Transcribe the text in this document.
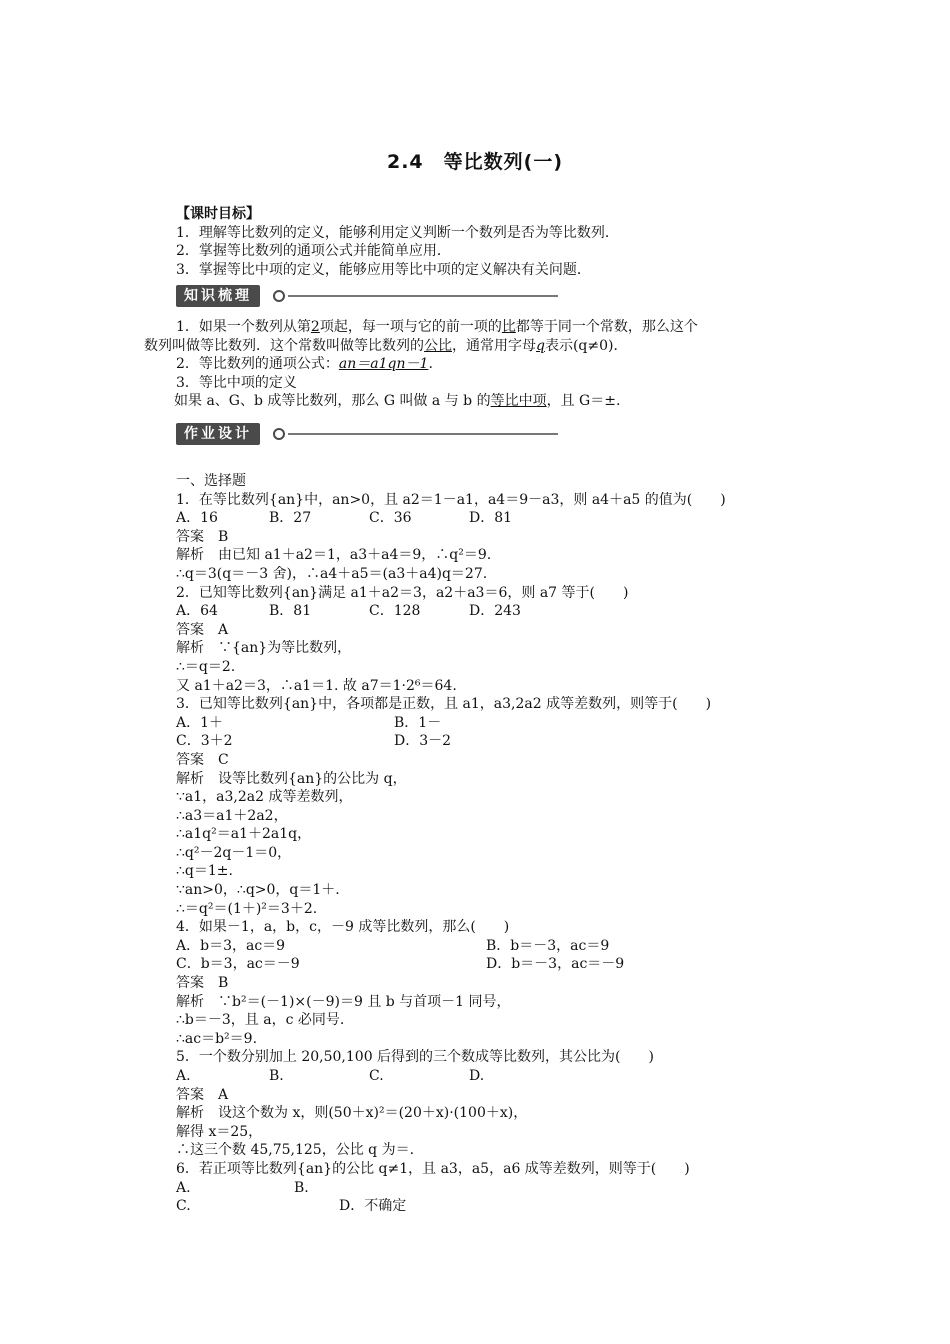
2.4　等比数列(一)
【课时目标】
1．理解等比数列的定义，能够利用定义判断一个数列是否为等比数列．
2．掌握等比数列的通项公式并能简单应用．
3．掌握等比中项的定义，能够应用等比中项的定义解决有关问题．
知识梳理
1．如果一个数列从第2项起，每一项与它的前一项的比都等于同一个常数，那么这个
数列叫做等比数列．这个常数叫做等比数列的公比，通常用字母q表示(q≠0)．
2．等比数列的通项公式：an＝a1qn－1.
3．等比中项的定义
如果 a、G、b 成等比数列，那么 G 叫做 a 与 b 的等比中项，且 G＝±.
作业设计
一、选择题
1．在等比数列{an}中，an>0，且 a2＝1－a1，a4＝9－a3，则 a4＋a5 的值为(　　)
A．16	B．27	C．36	D．81
答案　B
解析　由已知 a1＋a2＝1，a3＋a4＝9，∴q²＝9.
∴q＝3(q＝－3 舍)，∴a4＋a5＝(a3＋a4)q＝27.
2．已知等比数列{an}满足 a1＋a2＝3，a2＋a3＝6，则 a7 等于(　　)
A．64	B．81	C．128	D．243
答案　A
解析　∵{an}为等比数列，
∴＝q＝2.
又 a1＋a2＝3，∴a1＝1. 故 a7＝1·2⁶＝64.
3．已知等比数列{an}中，各项都是正数，且 a1，a3,2a2 成等差数列，则等于(　　)
A．1＋	B．1－
C．3＋2	D．3－2
答案　C
解析　设等比数列{an}的公比为 q，
∵a1，a3,2a2 成等差数列，
∴a3＝a1＋2a2，
∴a1q²＝a1＋2a1q，
∴q²－2q－1＝0，
∴q＝1±.
∵an>0，∴q>0，q＝1＋.
∴＝q²＝(1＋)²＝3＋2.
4．如果－1，a，b，c，－9 成等比数列，那么(　　)
A．b＝3，ac＝9	B．b＝－3，ac＝9
C．b＝3，ac＝－9	D．b＝－3，ac＝－9
答案　B
解析　∵b²＝(－1)×(－9)＝9 且 b 与首项－1 同号，
∴b＝－3，且 a，c 必同号.
∴ac＝b²＝9.
5．一个数分别加上 20,50,100 后得到的三个数成等比数列，其公比为(　　)
A.	B.	C.	D.
答案　A
解析　设这个数为 x，则(50＋x)²＝(20＋x)·(100＋x)，
解得 x＝25，
∴这三个数 45,75,125，公比 q 为＝.
6．若正项等比数列{an}的公比 q≠1，且 a3，a5，a6 成等差数列，则等于(　　)
A.	B.
C.	D．不确定
